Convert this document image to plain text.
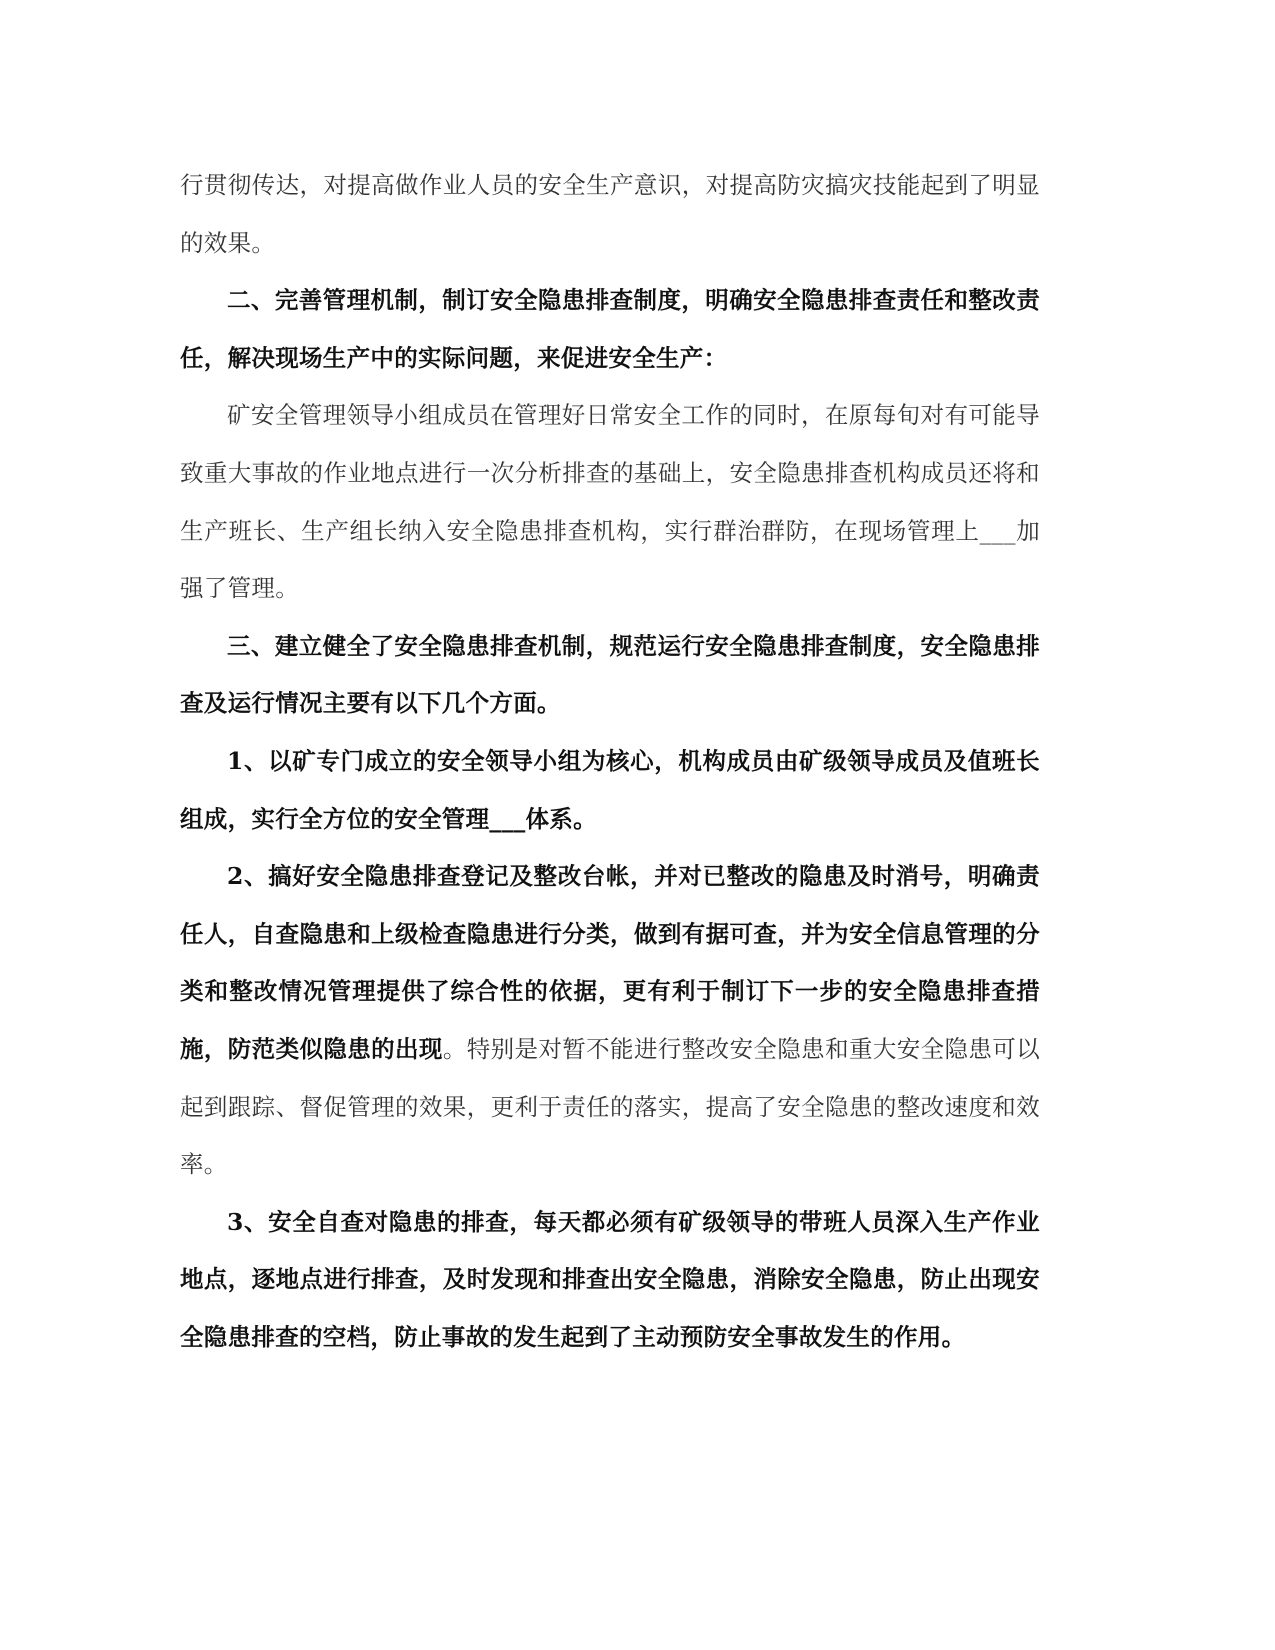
行贯彻传达，对提高做作业人员的安全生产意识，对提高防灾搞灾技能起到了明显的效果。

二、完善管理机制，制订安全隐患排查制度，明确安全隐患排查责任和整改责任，解决现场生产中的实际问题，来促进安全生产：

矿安全管理领导小组成员在管理好日常安全工作的同时，在原每旬对有可能导致重大事故的作业地点进行一次分析排查的基础上，安全隐患排查机构成员还将和生产班长、生产组长纳入安全隐患排查机构，实行群治群防，在现场管理上___加强了管理。

三、建立健全了安全隐患排查机制，规范运行安全隐患排查制度，安全隐患排查及运行情况主要有以下几个方面。

1、以矿专门成立的安全领导小组为核心，机构成员由矿级领导成员及值班长组成，实行全方位的安全管理___体系。

2、搞好安全隐患排查登记及整改台帐，并对已整改的隐患及时消号，明确责任人，自查隐患和上级检查隐患进行分类，做到有据可查，并为安全信息管理的分类和整改情况管理提供了综合性的依据，更有利于制订下一步的安全隐患排查措施，防范类似隐患的出现。特别是对暂不能进行整改安全隐患和重大安全隐患可以起到跟踪、督促管理的效果，更利于责任的落实，提高了安全隐患的整改速度和效率。

3、安全自查对隐患的排查，每天都必须有矿级领导的带班人员深入生产作业地点，逐地点进行排查，及时发现和排查出安全隐患，消除安全隐患，防止出现安全隐患排查的空档，防止事故的发生起到了主动预防安全事故发生的作用。
